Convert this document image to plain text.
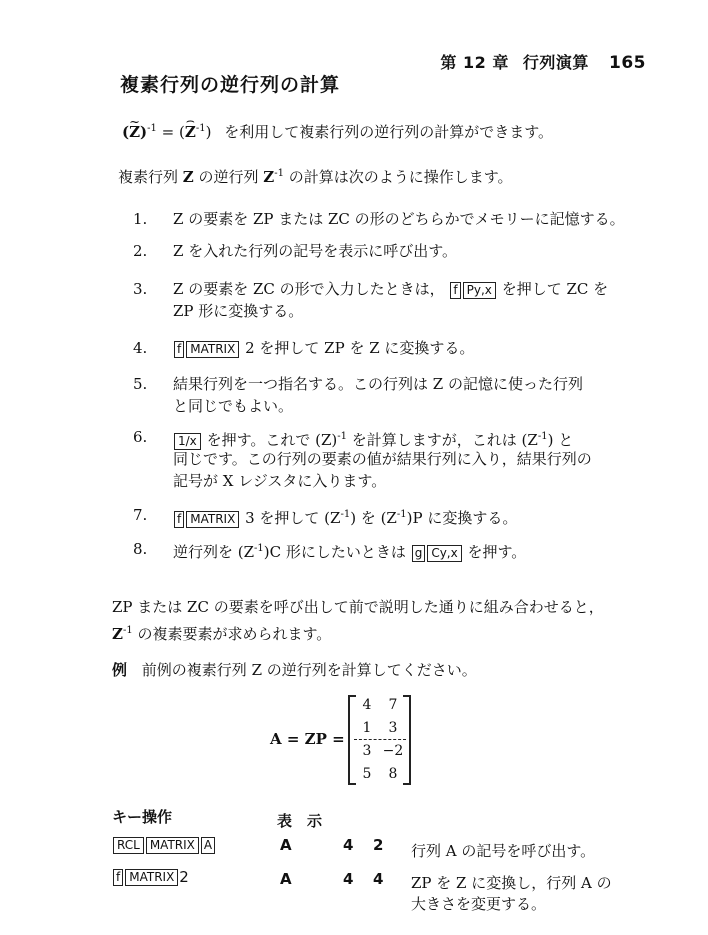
第 12 章 行列演算 165
複素行列の逆行列の計算
~ $(Z)^{-1}$ = (⌢ $Z^{-1}$) を利用して複素行列の逆行列の計算ができます。
複素行列 Z の逆行列 $Z^{-1}$ の計算は次のように操作します。
1.	Z の要素を ZP または ZC の形のどちらかでメモリーに記憶する。
2.	Z を入れた行列の記号を表示に呼び出す。
3.	Z の要素を ZC の形で入力したときは， f Py,x を押して ZC を
ZP 形に変換する。
4.	f MATRIX 2 を押して ZP を Z に変換する。
5.	結果行列を一つ指名する。この行列は Z の記憶に使った行列
と同じでもよい。
6.	1/x を押す。これで $(Z)^{-1}$ を計算しますが，これは $(Z^{-1})$ と
同じです。この行列の要素の値が結果行列に入り，結果行列の
記号が X レジスタに入ります。
7.	f MATRIX 3 を押して $(Z^{-1})$ を $(Z^{-1})P$ に変換する。
8.	逆行列を $(Z^{-1})C$ 形にしたいときは g Cy,x を押す。
ZP または ZC の要素を呼び出して前で説明した通りに組み合わせると，
$Z^{-1}$ の複素要素が求められます。
例 前例の複素行列 Z の逆行列を計算してください。
A = ZP =
4	7
1	3
3 −2
5	8
キー操作	表　示
RCL MATRIX A	A	4 2 行列 A の記号を呼び出す。
f MATRIX 2	A	4 4 ZP を Z に変換し，行列 A の
大きさを変更する。
